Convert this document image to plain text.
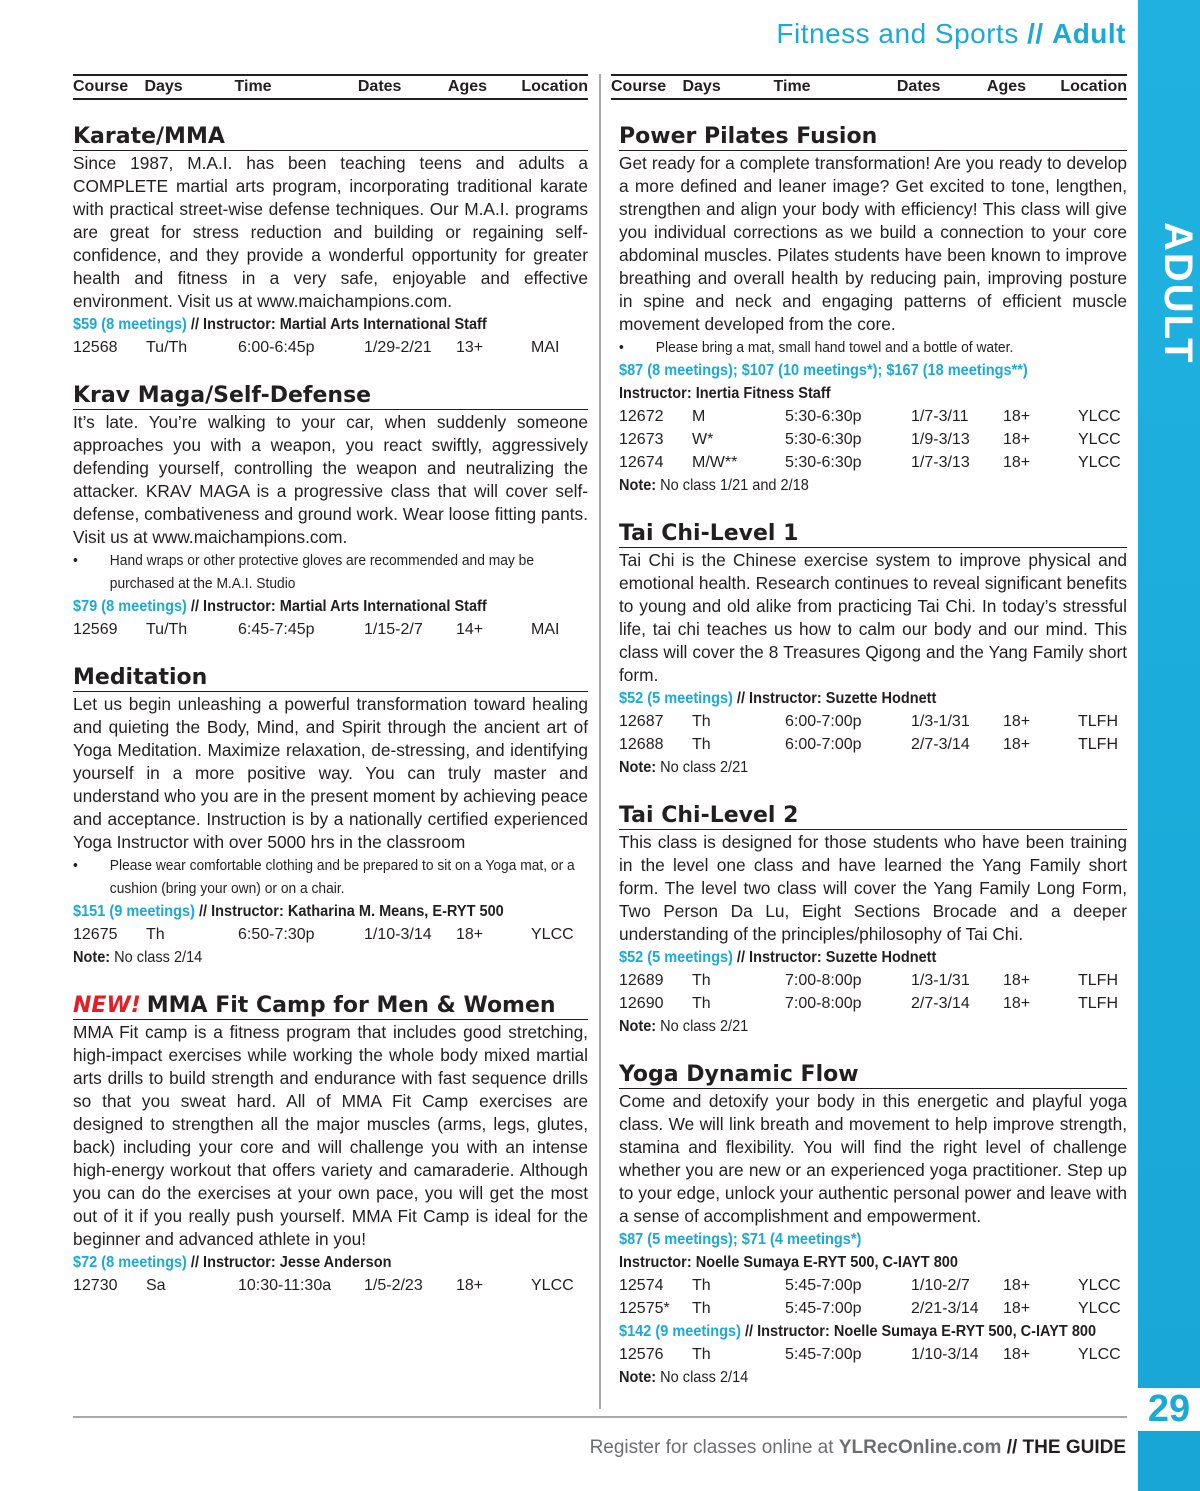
Fitness and Sports // Adult
ADULT
29
Course	Days	Time	Dates	Ages	Location
Karate/MMA
Since 1987, M.A.I. has been teaching teens and adults a COMPLETE martial arts program, incorporating traditional karate with practical street-wise defense techniques. Our M.A.I. programs are great for stress reduction and building or regaining self-confidence, and they provide a wonderful opportunity for greater health and fitness in a very safe, enjoyable and effective environment. Visit us at www.maichampions.com.
$59 (8 meetings) // Instructor: Martial Arts International Staff
12568	Tu/Th	6:00-6:45p	1/29-2/21	13+	MAI
Krav Maga/Self-Defense
It’s late. You’re walking to your car, when suddenly someone approaches you with a weapon, you react swiftly, aggressively defending yourself, controlling the weapon and neutralizing the attacker. KRAV MAGA is a progressive class that will cover self-defense, combativeness and ground work. Wear loose fitting pants. Visit us at www.maichampions.com.
•	Hand wraps or other protective gloves are recommended and may be purchased at the M.A.I. Studio
$79 (8 meetings) // Instructor: Martial Arts International Staff
12569	Tu/Th	6:45-7:45p	1/15-2/7	14+	MAI
Meditation
Let us begin unleashing a powerful transformation toward healing and quieting the Body, Mind, and Spirit through the ancient art of Yoga Meditation. Maximize relaxation, de-stressing, and identifying yourself in a more positive way. You can truly master and understand who you are in the present moment by achieving peace and acceptance. Instruction is by a nationally certified experienced Yoga Instructor with over 5000 hrs in the classroom
•	Please wear comfortable clothing and be prepared to sit on a Yoga mat, or a cushion (bring your own) or on a chair.
$151 (9 meetings) // Instructor: Katharina M. Means, E-RYT 500
12675	Th	6:50-7:30p	1/10-3/14	18+	YLCC
Note: No class 2/14
NEW! MMA Fit Camp for Men & Women
MMA Fit camp is a fitness program that includes good stretching, high-impact exercises while working the whole body mixed martial arts drills to build strength and endurance with fast sequence drills so that you sweat hard. All of MMA Fit Camp exercises are designed to strengthen all the major muscles (arms, legs, glutes, back) including your core and will challenge you with an intense high-energy workout that offers variety and camaraderie. Although you can do the exercises at your own pace, you will get the most out of it if you really push yourself. MMA Fit Camp is ideal for the beginner and advanced athlete in you!
$72 (8 meetings) // Instructor: Jesse Anderson
12730	Sa	10:30-11:30a	1/5-2/23	18+	YLCC
Course	Days	Time	Dates	Ages	Location
Power Pilates Fusion
Get ready for a complete transformation! Are you ready to develop a more defined and leaner image? Get excited to tone, lengthen, strengthen and align your body with efficiency! This class will give you individual corrections as we build a connection to your core abdominal muscles. Pilates students have been known to improve breathing and overall health by reducing pain, improving posture in spine and neck and engaging patterns of efficient muscle movement developed from the core.
•	Please bring a mat, small hand towel and a bottle of water.
$87 (8 meetings); $107 (10 meetings*); $167 (18 meetings**)
Instructor: Inertia Fitness Staff
12672	M	5:30-6:30p	1/7-3/11	18+	YLCC
12673	W*	5:30-6:30p	1/9-3/13	18+	YLCC
12674	M/W**	5:30-6:30p	1/7-3/13	18+	YLCC
Note: No class 1/21 and 2/18
Tai Chi-Level 1
Tai Chi is the Chinese exercise system to improve physical and emotional health. Research continues to reveal significant benefits to young and old alike from practicing Tai Chi. In today’s stressful life, tai chi teaches us how to calm our body and our mind. This class will cover the 8 Treasures Qigong and the Yang Family short form.
$52 (5 meetings) // Instructor: Suzette Hodnett
12687	Th	6:00-7:00p	1/3-1/31	18+	TLFH
12688	Th	6:00-7:00p	2/7-3/14	18+	TLFH
Note: No class 2/21
Tai Chi-Level 2
This class is designed for those students who have been training in the level one class and have learned the Yang Family short form. The level two class will cover the Yang Family Long Form, Two Person Da Lu, Eight Sections Brocade and a deeper understanding of the principles/philosophy of Tai Chi.
$52 (5 meetings) // Instructor: Suzette Hodnett
12689	Th	7:00-8:00p	1/3-1/31	18+	TLFH
12690	Th	7:00-8:00p	2/7-3/14	18+	TLFH
Note: No class 2/21
Yoga Dynamic Flow
Come and detoxify your body in this energetic and playful yoga class. We will link breath and movement to help improve strength, stamina and flexibility. You will find the right level of challenge whether you are new or an experienced yoga practitioner. Step up to your edge, unlock your authentic personal power and leave with a sense of accomplishment and empowerment.
$87 (5 meetings); $71 (4 meetings*)
Instructor: Noelle Sumaya E-RYT 500, C-IAYT 800
12574	Th	5:45-7:00p	1/10-2/7	18+	YLCC
12575*	Th	5:45-7:00p	2/21-3/14	18+	YLCC
$142 (9 meetings) // Instructor: Noelle Sumaya E-RYT 500, C-IAYT 800
12576	Th	5:45-7:00p	1/10-3/14	18+	YLCC
Note: No class 2/14
Register for classes online at YLRecOnline.com // THE GUIDE
